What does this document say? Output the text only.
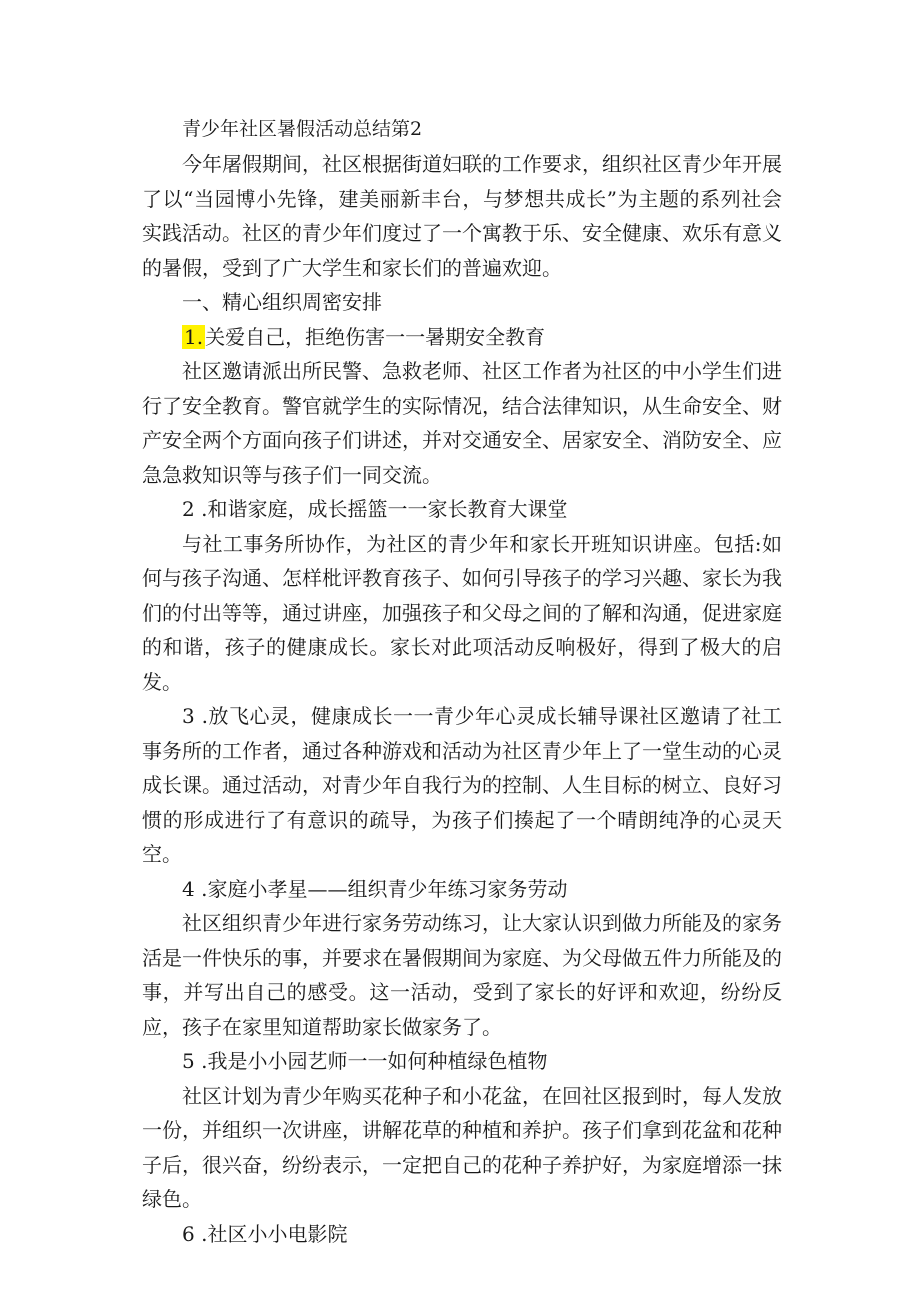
青少年社区暑假活动总结第2

今年屠假期间，社区根据街道妇联的工作要求，组织社区青少年开展了以“当园博小先锋，建美丽新丰台，与梦想共成长”为主题的系列社会实践活动。社区的青少年们度过了一个寓教于乐、安全健康、欢乐有意义的暑假，受到了广大学生和家长们的普遍欢迎。

一、精心组织周密安排

1. 关爱自己，拒绝伤害一一暑期安全教育

社区邀请派出所民警、急救老师、社区工作者为社区的中小学生们进行了安全教育。警官就学生的实际情况，结合法律知识，从生命安全、财产安全两个方面向孩子们讲述，并对交通安全、居家安全、消防安全、应急急救知识等与孩子们一同交流。

2 .和谐家庭，成长摇篮一一家长教育大课堂

与社工事务所协作，为社区的青少年和家长开班知识讲座。包括:如何与孩子沟通、怎样枇评教育孩子、如何引导孩子的学习兴趣、家长为我们的付出等等，通过讲座，加强孩子和父母之间的了解和沟通，促进家庭的和谐，孩子的健康成长。家长对此项活动反响极好，得到了极大的启发。

3 .放飞心灵，健康成长一一青少年心灵成长辅导课社区邀请了社工事务所的工作者，通过各种游戏和活动为社区青少年上了一堂生动的心灵成长课。通过活动，对青少年自我行为的控制、人生目标的树立、良好习惯的形成进行了有意识的疏导，为孩子们揍起了一个晴朗纯净的心灵天空。

4 .家庭小孝星——组织青少年练习家务劳动

社区组织青少年进行家务劳动练习，让大家认识到做力所能及的家务活是一件快乐的事，并要求在暑假期间为家庭、为父母做五件力所能及的事，并写出自己的感受。这一活动，受到了家长的好评和欢迎，纷纷反应，孩子在家里知道帮助家长做家务了。

5 .我是小小园艺师一一如何种植绿色植物

社区计划为青少年购买花种子和小花盆，在回社区报到时，每人发放一份，并组织一次讲座，讲解花草的种植和养护。孩子们拿到花盆和花种子后，很兴奋，纷纷表示，一定把自己的花种子养护好，为家庭增添一抹绿色。

6 .社区小小电影院
